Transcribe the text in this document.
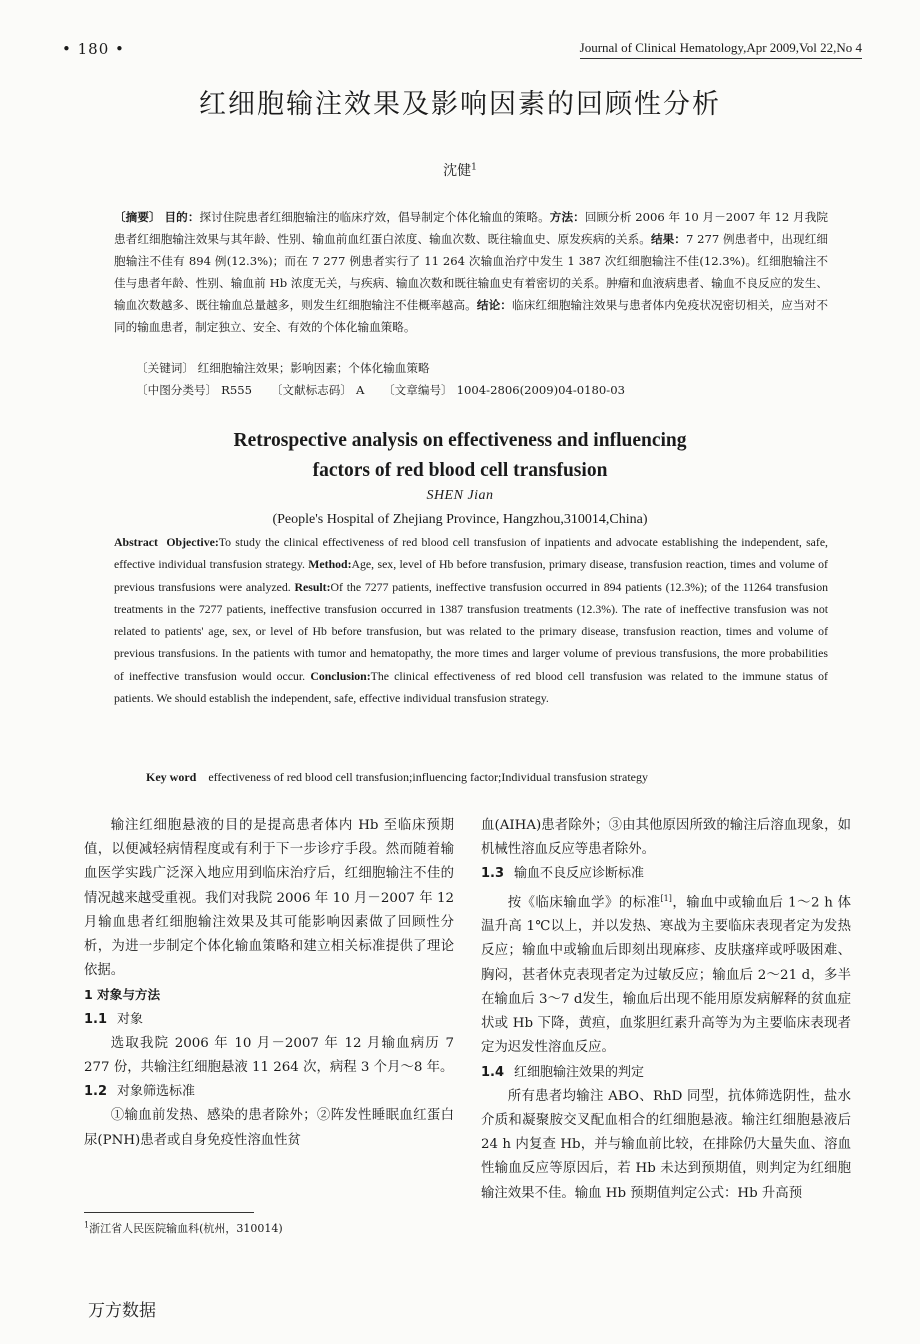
• 180 •	Journal of Clinical Hematology,Apr 2009,Vol 22,No 4
红细胞输注效果及影响因素的回顾性分析
沈健$^1$
〔摘要〕 目的：探讨住院患者红细胞输注的临床疗效，倡导制定个体化输血的策略。方法：回顾分析 2006 年 10 月－2007 年 12 月我院患者红细胞输注效果与其年龄、性别、输血前血红蛋白浓度、输血次数、既往输血史、原发疾病的关系。结果：7 277 例患者中，出现红细胞输注不佳有 894 例(12.3%)；而在 7 277 例患者实行了 11 264 次输血治疗中发生 1 387 次红细胞输注不佳(12.3%)。红细胞输注不佳与患者年龄、性别、输血前 Hb 浓度无关，与疾病、输血次数和既往输血史有着密切的关系。肿瘤和血液病患者、输血不良反应的发生、输血次数越多、既往输血总量越多，则发生红细胞输注不佳概率越高。结论：临床红细胞输注效果与患者体内免疫状况密切相关，应当对不同的输血患者，制定独立、安全、有效的个体化输血策略。
〔关键词〕 红细胞输注效果；影响因素；个体化输血策略
〔中图分类号〕 R555 〔文献标志码〕 A 〔文章编号〕 1004-2806(2009)04-0180-03
Retrospective analysis on effectiveness and influencing
factors of red blood cell transfusion
SHEN Jian
(People's Hospital of Zhejiang Province, Hangzhou,310014,China)
Abstract Objective:To study the clinical effectiveness of red blood cell transfusion of inpatients and advocate establishing the independent, safe, effective individual transfusion strategy. Method:Age, sex, level of Hb before transfusion, primary disease, transfusion reaction, times and volume of previous transfusions were analyzed. Result:Of the 7277 patients, ineffective transfusion occurred in 894 patients (12.3%); of the 11264 transfusion treatments in the 7277 patients, ineffective transfusion occurred in 1387 transfusion treatments (12.3%). The rate of ineffective transfusion was not related to patients' age, sex, or level of Hb before transfusion, but was related to the primary disease, transfusion reaction, times and volume of previous transfusions. In the patients with tumor and hematopathy, the more times and larger volume of previous transfusions, the more probabilities of ineffective transfusion would occur. Conclusion:The clinical effectiveness of red blood cell transfusion was related to the immune status of patients. We should establish the independent, safe, effective individual transfusion strategy.
Key word effectiveness of red blood cell transfusion;influencing factor;Individual transfusion strategy

输注红细胞悬液的目的是提高患者体内 Hb 至临床预期值，以便减轻病情程度或有利于下一步诊疗手段。然而随着输血医学实践广泛深入地应用到临床治疗后，红细胞输注不佳的情况越来越受重视。我们对我院 2006 年 10 月－2007 年 12 月输血患者红细胞输注效果及其可能影响因素做了回顾性分析，为进一步制定个体化输血策略和建立相关标准提供了理论依据。

1 对象与方法

1.1 对象

选取我院 2006 年 10 月－2007 年 12 月输血病历 7 277 份，共输注红细胞悬液 11 264 次，病程 3 个月～8 年。

1.2 对象筛选标准

①输血前发热、感染的患者除外；②阵发性睡眠血红蛋白尿(PNH)患者或自身免疫性溶血性贫

血(AIHA)患者除外；③由其他原因所致的输注后溶血现象，如机械性溶血反应等患者除外。

1.3 输血不良反应诊断标准

按《临床输血学》的标准[1]，输血中或输血后 1～2 h 体温升高 1℃以上，并以发热、寒战为主要临床表现者定为发热反应；输血中或输血后即刻出现麻疹、皮肤瘙痒或呼吸困难、胸闷，甚者休克表现者定为过敏反应；输血后 2～21 d，多半在输血后 3～7 d发生，输血后出现不能用原发病解释的贫血症状或 Hb 下降，黄疸，血浆胆红素升高等为为主要临床表现者定为迟发性溶血反应。

1.4 红细胞输注效果的判定

所有患者均输注 ABO、RhD 同型，抗体筛选阴性，盐水介质和凝聚胺交叉配血相合的红细胞悬液。输注红细胞悬液后 24 h 内复查 Hb，并与输血前比较，在排除仍大量失血、溶血性输血反应等原因后，若 Hb 未达到预期值，则判定为红细胞输注效果不佳。输血 Hb 预期值判定公式：Hb 升高预

$^1$浙江省人民医院输血科(杭州，310014)
万方数据
